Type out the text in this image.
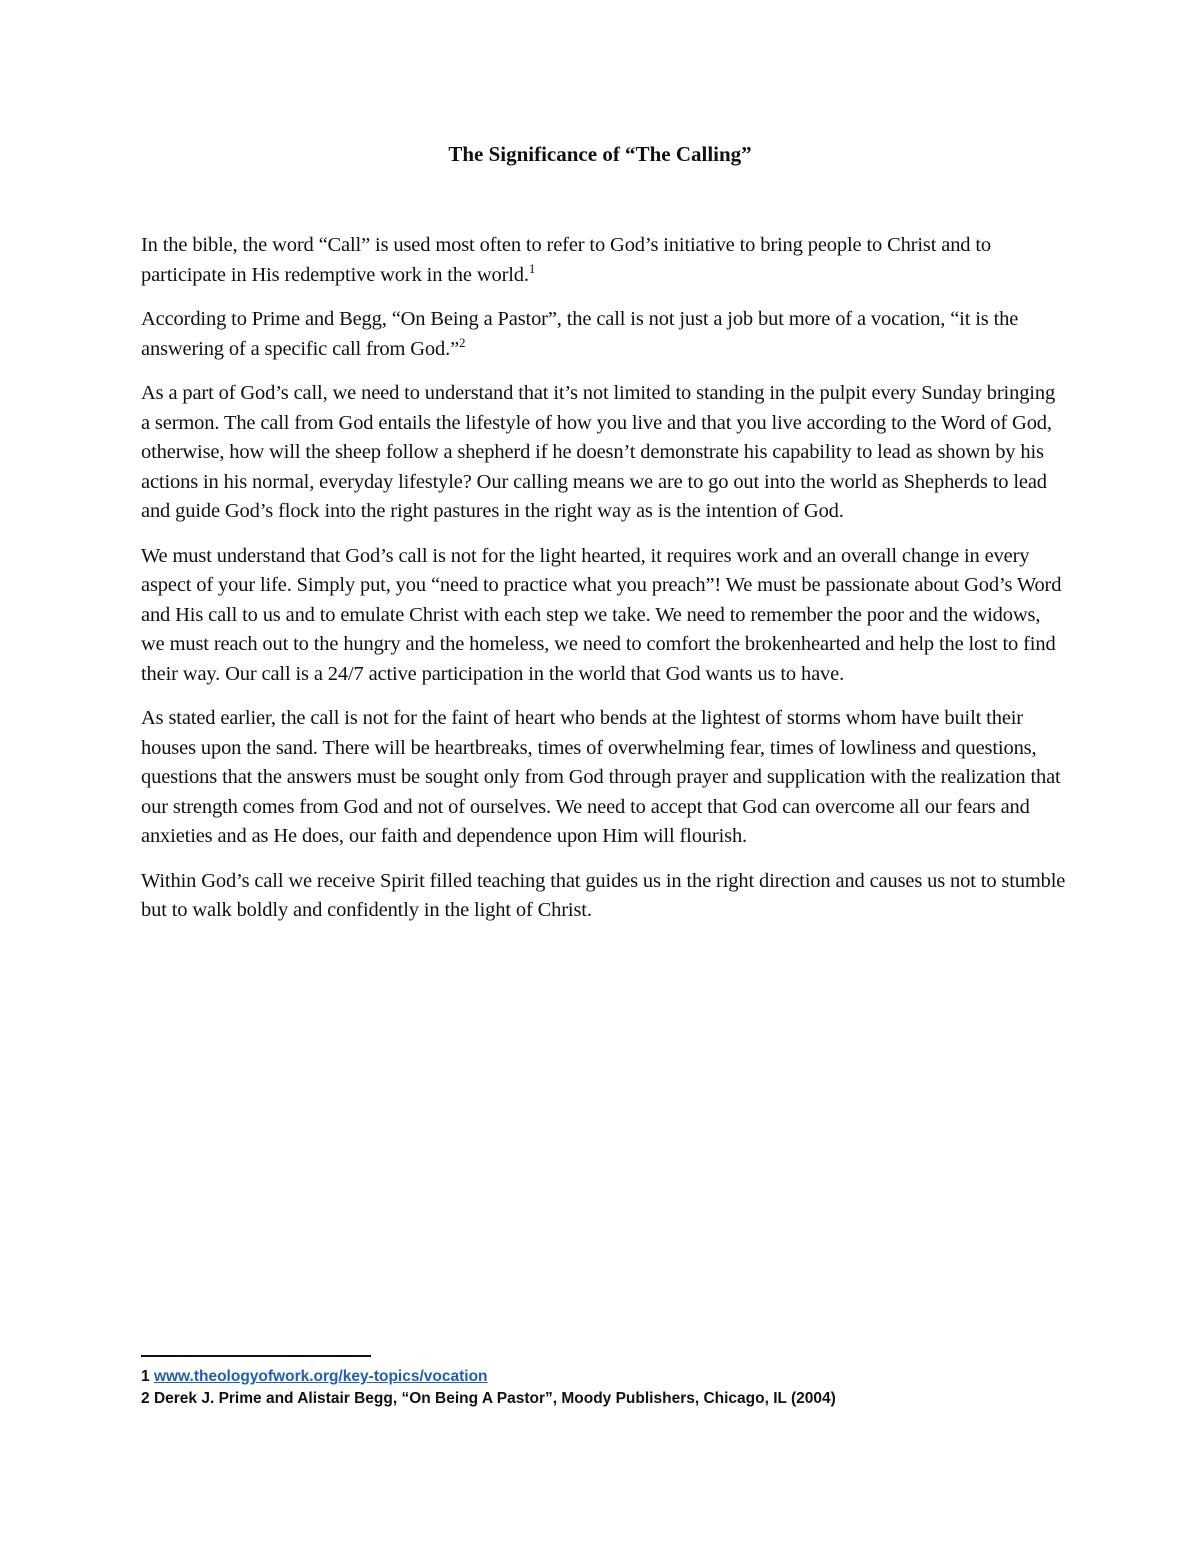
The Significance of “The Calling”

In the bible, the word “Call” is used most often to refer to God’s initiative to bring people to Christ and to participate in His redemptive work in the world.$^1$

According to Prime and Begg, “On Being a Pastor”, the call is not just a job but more of a vocation, “it is the answering of a specific call from God.”$^2$

As a part of God’s call, we need to understand that it’s not limited to standing in the pulpit every Sunday bringing a sermon. The call from God entails the lifestyle of how you live and that you live according to the Word of God, otherwise, how will the sheep follow a shepherd if he doesn’t demonstrate his capability to lead as shown by his actions in his normal, everyday lifestyle? Our calling means we are to go out into the world as Shepherds to lead and guide God’s flock into the right pastures in the right way as is the intention of God.

We must understand that God’s call is not for the light hearted, it requires work and an overall change in every aspect of your life. Simply put, you “need to practice what you preach”! We must be passionate about God’s Word and His call to us and to emulate Christ with each step we take. We need to remember the poor and the widows, we must reach out to the hungry and the homeless, we need to comfort the brokenhearted and help the lost to find their way. Our call is a 24/7 active participation in the world that God wants us to have.

As stated earlier, the call is not for the faint of heart who bends at the lightest of storms whom have built their houses upon the sand. There will be heartbreaks, times of overwhelming fear, times of lowliness and questions, questions that the answers must be sought only from God through prayer and supplication with the realization that our strength comes from God and not of ourselves. We need to accept that God can overcome all our fears and anxieties and as He does, our faith and dependence upon Him will flourish.

Within God’s call we receive Spirit filled teaching that guides us in the right direction and causes us not to stumble but to walk boldly and confidently in the light of Christ.

1 www.theologyofwork.org/key-topics/vocation
2 Derek J. Prime and Alistair Begg, “On Being A Pastor”, Moody Publishers, Chicago, IL (2004)
